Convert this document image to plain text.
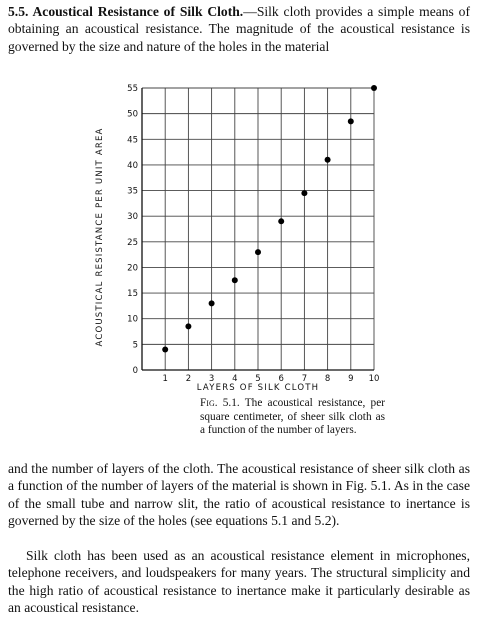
5.5. Acoustical Resistance of Silk Cloth.—Silk cloth provides a simple means of obtaining an acoustical resistance. The magnitude of the acoustical resistance is governed by the size and nature of the holes in the material

0
5
10
15
20
25
30
35
40
45
50
55
1 2 3 4 5 6 7 8 9 10
LAYERS OF SILK CLOTH
ACOUSTICAL RESISTANCE PER UNIT AREA

Fig. 5.1. The acoustical resistance, per square centimeter, of sheer silk cloth as a function of the number of layers.

and the number of layers of the cloth. The acoustical resistance of sheer silk cloth as a function of the number of layers of the material is shown in Fig. 5.1. As in the case of the small tube and narrow slit, the ratio of acoustical resistance to inertance is governed by the size of the holes (see equations 5.1 and 5.2).

Silk cloth has been used as an acoustical resistance element in microphones, telephone receivers, and loudspeakers for many years. The structural simplicity and the high ratio of acoustical resistance to inertance make it particularly desirable as an acoustical resistance.
